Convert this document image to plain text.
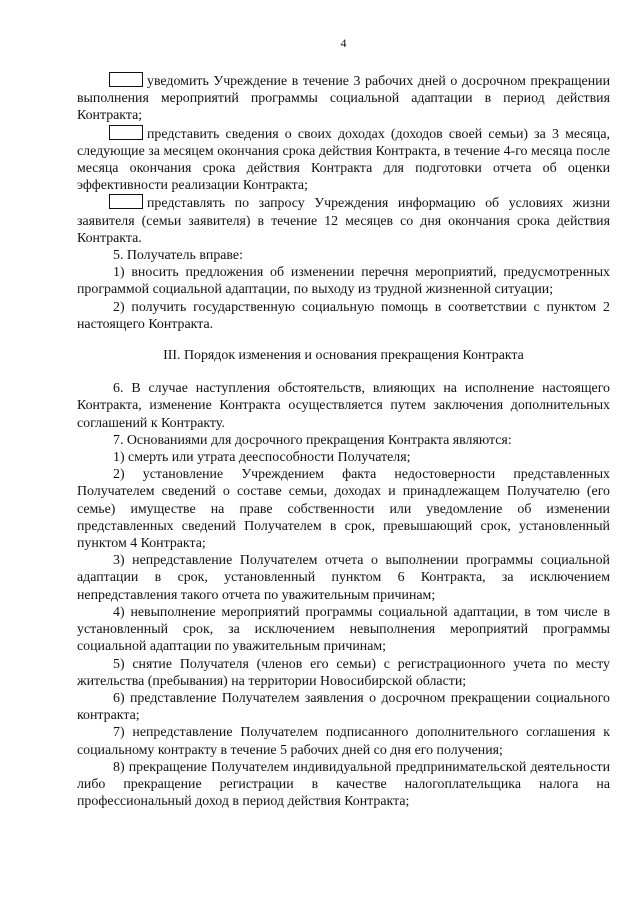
4

уведомить Учреждение в течение 3 рабочих дней о досрочном прекращении выполнения мероприятий программы социальной адаптации в период действия Контракта;

представить сведения о своих доходах (доходов своей семьи) за 3 месяца, следующие за месяцем окончания срока действия Контракта, в течение 4-го месяца после месяца окончания срока действия Контракта для подготовки отчета об оценки эффективности реализации Контракта;

представлять по запросу Учреждения информацию об условиях жизни заявителя (семьи заявителя) в течение 12 месяцев со дня окончания срока действия Контракта.

5. Получатель вправе:

1) вносить предложения об изменении перечня мероприятий, предусмотренных программой социальной адаптации, по выходу из трудной жизненной ситуации;

2) получить государственную социальную помощь в соответствии с пунктом 2 настоящего Контракта.

III. Порядок изменения и основания прекращения Контракта

6. В случае наступления обстоятельств, влияющих на исполнение настоящего Контракта, изменение Контракта осуществляется путем заключения дополнительных соглашений к Контракту.

7. Основаниями для досрочного прекращения Контракта являются:

1) смерть или утрата дееспособности Получателя;

2) установление Учреждением факта недостоверности представленных Получателем сведений о составе семьи, доходах и принадлежащем Получателю (его семье) имуществе на праве собственности или уведомление об изменении представленных сведений Получателем в срок, превышающий срок, установленный пунктом 4 Контракта;

3) непредставление Получателем отчета о выполнении программы социальной адаптации в срок, установленный пунктом 6 Контракта, за исключением непредставления такого отчета по уважительным причинам;

4) невыполнение мероприятий программы социальной адаптации, в том числе в установленный срок, за исключением невыполнения мероприятий программы социальной адаптации по уважительным причинам;

5) снятие Получателя (членов его семьи) с регистрационного учета по месту жительства (пребывания) на территории Новосибирской области;

6) представление Получателем заявления о досрочном прекращении социального контракта;

7) непредставление Получателем подписанного дополнительного соглашения к социальному контракту в течение 5 рабочих дней со дня его получения;

8) прекращение Получателем индивидуальной предпринимательской деятельности либо прекращение регистрации в качестве налогоплательщика налога на профессиональный доход в период действия Контракта;
